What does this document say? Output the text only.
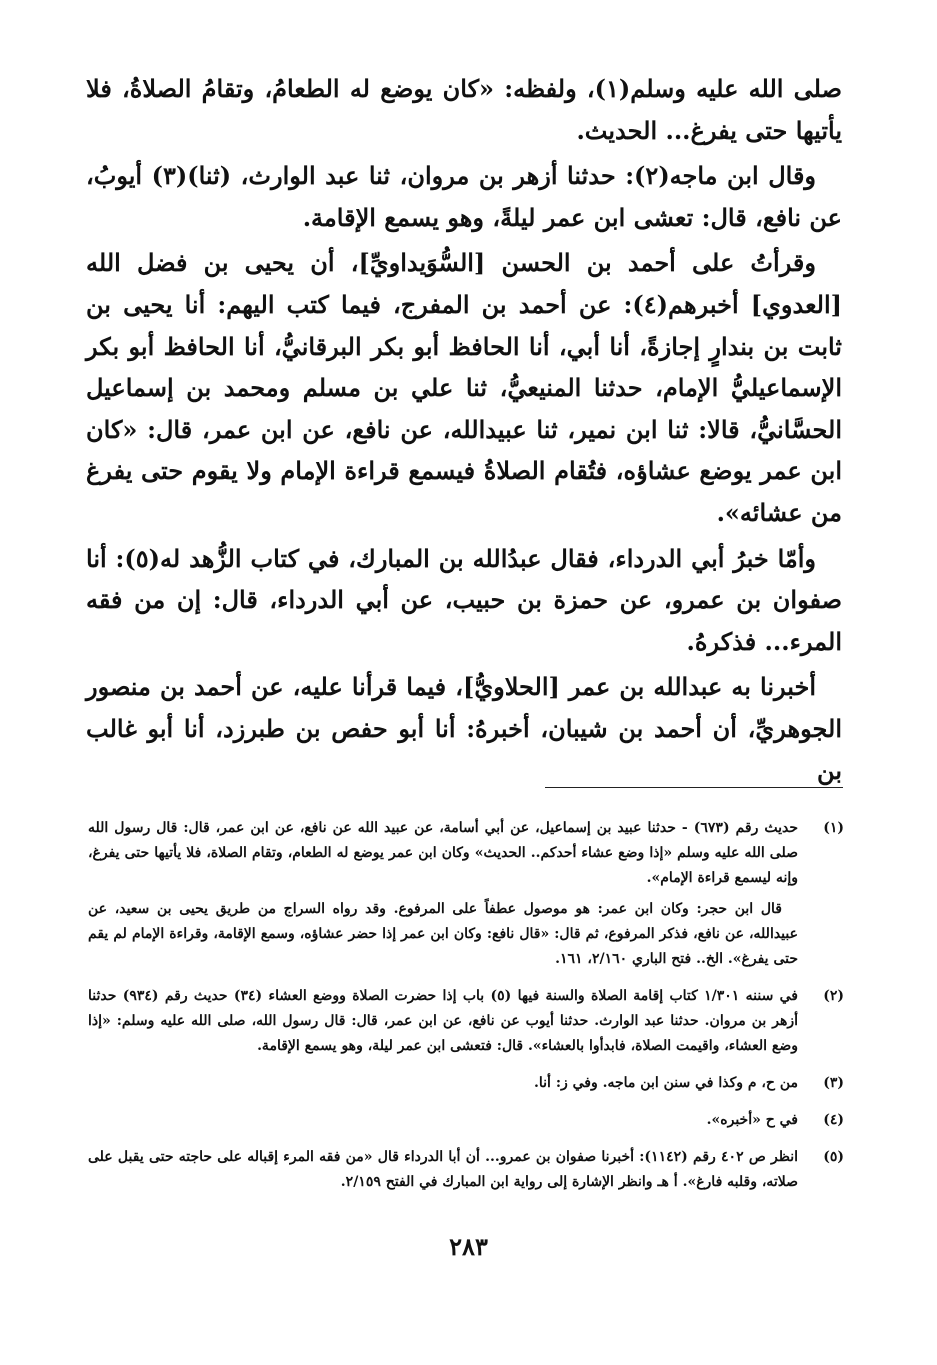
صلى الله عليه وسلم(١)، ولفظه: «كان يوضع له الطعامُ، وتقامُ الصلاةُ، فلا يأتيها حتى يفرغ... الحديث.

وقال ابن ماجه(٢): حدثنا أزهر بن مروان، ثنا عبد الوارث، (ثنا)(٣) أيوبُ، عن نافع، قال: تعشى ابن عمر ليلةً، وهو يسمع الإقامة.

وقرأتُ على أحمد بن الحسن [السُّوَيداويِّ]، أن يحيى بن فضل الله [العدوي] أخبرهم(٤): عن أحمد بن المفرج، فيما كتب اليهم: أنا يحيى بن ثابت بن بندارٍ إجازةً، أنا أبي، أنا الحافظ أبو بكر البرقانيُّ، أنا الحافظ أبو بكر الإسماعيليُّ الإمام، حدثنا المنيعيُّ، ثنا علي بن مسلم ومحمد بن إسماعيل الحسَّانيُّ، قالا: ثنا ابن نمير، ثنا عبيدالله، عن نافع، عن ابن عمر، قال: «كان ابن عمر يوضع عشاؤه، فتُقام الصلاةُ فيسمع قراءة الإمام ولا يقوم حتى يفرغ من عشائه».

وأمّا خبرُ أبي الدرداء، فقال عبدُالله بن المبارك، في كتاب الزُّهد له(٥): أنا صفوان بن عمرو، عن حمزة بن حبيب، عن أبي الدرداء، قال: إن من فقه المرء... فذكرهُ.

أخبرنا به عبدالله بن عمر [الحلاويُّ]، فيما قرأنا عليه، عن أحمد بن منصور الجوهريِّ، أن أحمد بن شيبان، أخبرهُ: أنا أبو حفص بن طبرزد، أنا أبو غالب بن

(١)

حديث رقم (٦٧٣) - حدثنا عبيد بن إسماعيل، عن أبي أسامة، عن عبيد الله عن نافع، عن ابن عمر، قال: قال رسول الله صلى الله عليه وسلم «إذا وضع عشاء أحدكم.. الحديث» وكان ابن عمر يوضع له الطعام، وتقام الصلاة، فلا يأتيها حتى يفرغ، وإنه ليسمع قراءة الإمام».

قال ابن حجر: وكان ابن عمر: هو موصول عطفاً على المرفوع. وقد رواه السراج من طريق يحيى بن سعيد، عن عبيدالله، عن نافع، فذكر المرفوع، ثم قال: «قال نافع: وكان ابن عمر إذا حضر عشاؤه، وسمع الإقامة، وقراءة الإمام لم يقم حتى يفرغ». الخ.. فتح الباري ٢/١٦٠، ١٦١.

(٢)

في سننه ١/٣٠١ كتاب إقامة الصلاة والسنة فيها (٥) باب إذا حضرت الصلاة ووضع العشاء (٣٤) حديث رقم (٩٣٤) حدثنا أزهر بن مروان. حدثنا عبد الوارث. حدثنا أيوب عن نافع، عن ابن عمر، قال: قال رسول الله، صلى الله عليه وسلم: «إذا وضع العشاء، واقيمت الصلاة، فابدأوا بالعشاء». قال: فتعشى ابن عمر ليلة، وهو يسمع الإقامة.

(٣)

من ح، م وكذا في سنن ابن ماجه. وفي ز: أنا.

(٤)

في ح «أخبره».

(٥)

انظر ص ٤٠٢ رقم (١١٤٢): أخبرنا صفوان بن عمرو... أن أبا الدرداء قال «من فقه المرء إقباله على حاجته حتى يقبل على صلاته، وقلبه فارغ». أ هـ وانظر الإشارة إلى رواية ابن المبارك في الفتح ٢/١٥٩.

٢٨٣
